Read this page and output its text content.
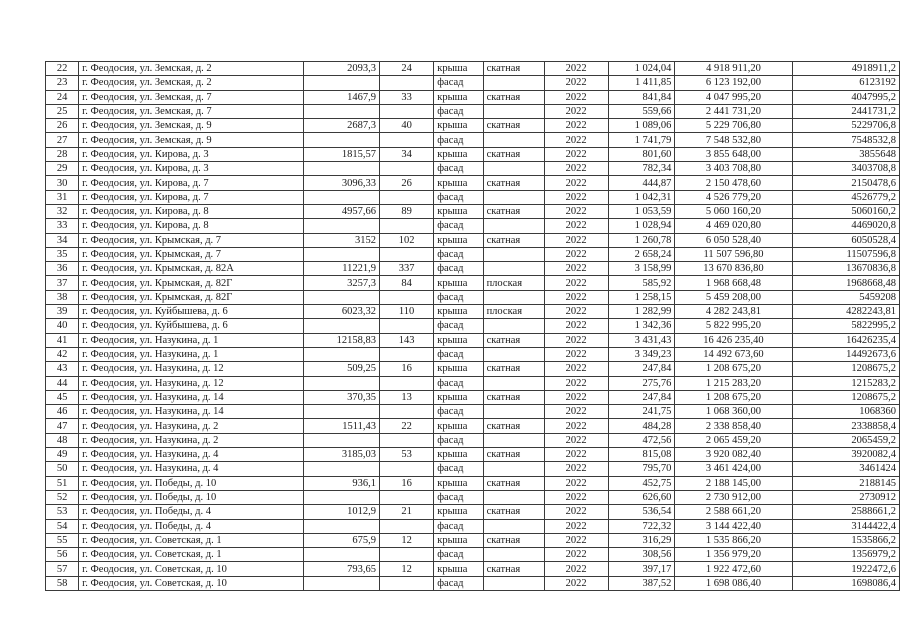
22	г. Феодосия, ул. Земская, д. 2	2093,3	24	крыша	скатная	2022	1 024,04	4 918 911,20	4918911,2
23	г. Феодосия, ул. Земская, д. 2			фасад		2022	1 411,85	6 123 192,00	6123192
24	г. Феодосия, ул. Земская, д. 7	1467,9	33	крыша	скатная	2022	841,84	4 047 995,20	4047995,2
25	г. Феодосия, ул. Земская, д. 7			фасад		2022	559,66	2 441 731,20	2441731,2
26	г. Феодосия, ул. Земская, д. 9	2687,3	40	крыша	скатная	2022	1 089,06	5 229 706,80	5229706,8
27	г. Феодосия, ул. Земская, д. 9			фасад		2022	1 741,79	7 548 532,80	7548532,8
28	г. Феодосия, ул. Кирова, д. 3	1815,57	34	крыша	скатная	2022	801,60	3 855 648,00	3855648
29	г. Феодосия, ул. Кирова, д. 3			фасад		2022	782,34	3 403 708,80	3403708,8
30	г. Феодосия, ул. Кирова, д. 7	3096,33	26	крыша	скатная	2022	444,87	2 150 478,60	2150478,6
31	г. Феодосия, ул. Кирова, д. 7			фасад		2022	1 042,31	4 526 779,20	4526779,2
32	г. Феодосия, ул. Кирова, д. 8	4957,66	89	крыша	скатная	2022	1 053,59	5 060 160,20	5060160,2
33	г. Феодосия, ул. Кирова, д. 8			фасад		2022	1 028,94	4 469 020,80	4469020,8
34	г. Феодосия, ул. Крымская, д. 7	3152	102	крыша	скатная	2022	1 260,78	6 050 528,40	6050528,4
35	г. Феодосия, ул. Крымская, д. 7			фасад		2022	2 658,24	11 507 596,80	11507596,8
36	г. Феодосия, ул. Крымская, д. 82А	11221,9	337	фасад		2022	3 158,99	13 670 836,80	13670836,8
37	г. Феодосия, ул. Крымская, д. 82Г	3257,3	84	крыша	плоская	2022	585,92	1 968 668,48	1968668,48
38	г. Феодосия, ул. Крымская, д. 82Г			фасад		2022	1 258,15	5 459 208,00	5459208
39	г. Феодосия, ул. Куйбышева, д. 6	6023,32	110	крыша	плоская	2022	1 282,99	4 282 243,81	4282243,81
40	г. Феодосия, ул. Куйбышева, д. 6			фасад		2022	1 342,36	5 822 995,20	5822995,2
41	г. Феодосия, ул. Назукина, д. 1	12158,83	143	крыша	скатная	2022	3 431,43	16 426 235,40	16426235,4
42	г. Феодосия, ул. Назукина, д. 1			фасад		2022	3 349,23	14 492 673,60	14492673,6
43	г. Феодосия, ул. Назукина, д. 12	509,25	16	крыша	скатная	2022	247,84	1 208 675,20	1208675,2
44	г. Феодосия, ул. Назукина, д. 12			фасад		2022	275,76	1 215 283,20	1215283,2
45	г. Феодосия, ул. Назукина, д. 14	370,35	13	крыша	скатная	2022	247,84	1 208 675,20	1208675,2
46	г. Феодосия, ул. Назукина, д. 14			фасад		2022	241,75	1 068 360,00	1068360
47	г. Феодосия, ул. Назукина, д. 2	1511,43	22	крыша	скатная	2022	484,28	2 338 858,40	2338858,4
48	г. Феодосия, ул. Назукина, д. 2			фасад		2022	472,56	2 065 459,20	2065459,2
49	г. Феодосия, ул. Назукина, д. 4	3185,03	53	крыша	скатная	2022	815,08	3 920 082,40	3920082,4
50	г. Феодосия, ул. Назукина, д. 4			фасад		2022	795,70	3 461 424,00	3461424
51	г. Феодосия, ул. Победы, д. 10	936,1	16	крыша	скатная	2022	452,75	2 188 145,00	2188145
52	г. Феодосия, ул. Победы, д. 10			фасад		2022	626,60	2 730 912,00	2730912
53	г. Феодосия, ул. Победы, д. 4	1012,9	21	крыша	скатная	2022	536,54	2 588 661,20	2588661,2
54	г. Феодосия, ул. Победы, д. 4			фасад		2022	722,32	3 144 422,40	3144422,4
55	г. Феодосия, ул. Советская, д. 1	675,9	12	крыша	скатная	2022	316,29	1 535 866,20	1535866,2
56	г. Феодосия, ул. Советская, д. 1			фасад		2022	308,56	1 356 979,20	1356979,2
57	г. Феодосия, ул. Советская, д. 10	793,65	12	крыша	скатная	2022	397,17	1 922 472,60	1922472,6
58	г. Феодосия, ул. Советская, д. 10			фасад		2022	387,52	1 698 086,40	1698086,4
